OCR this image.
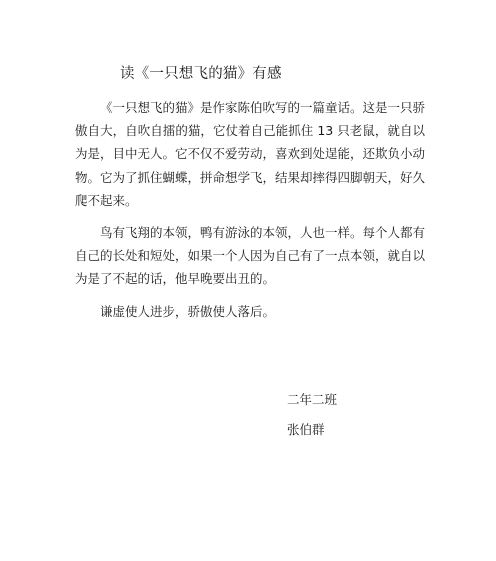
读《一只想飞的猫》有感

《一只想飞的猫》是作家陈伯吹写的一篇童话。这是一只骄傲自大，自吹自擂的猫，它仗着自己能抓住 13 只老鼠，就自以为是，目中无人。它不仅不爱劳动，喜欢到处逞能，还欺负小动物。它为了抓住蝴蝶，拼命想学飞，结果却摔得四脚朝天，好久爬不起来。

鸟有飞翔的本领，鸭有游泳的本领，人也一样。每个人都有自己的长处和短处，如果一个人因为自己有了一点本领，就自以为是了不起的话，他早晚要出丑的。

谦虚使人进步，骄傲使人落后。

二年二班
张伯群
